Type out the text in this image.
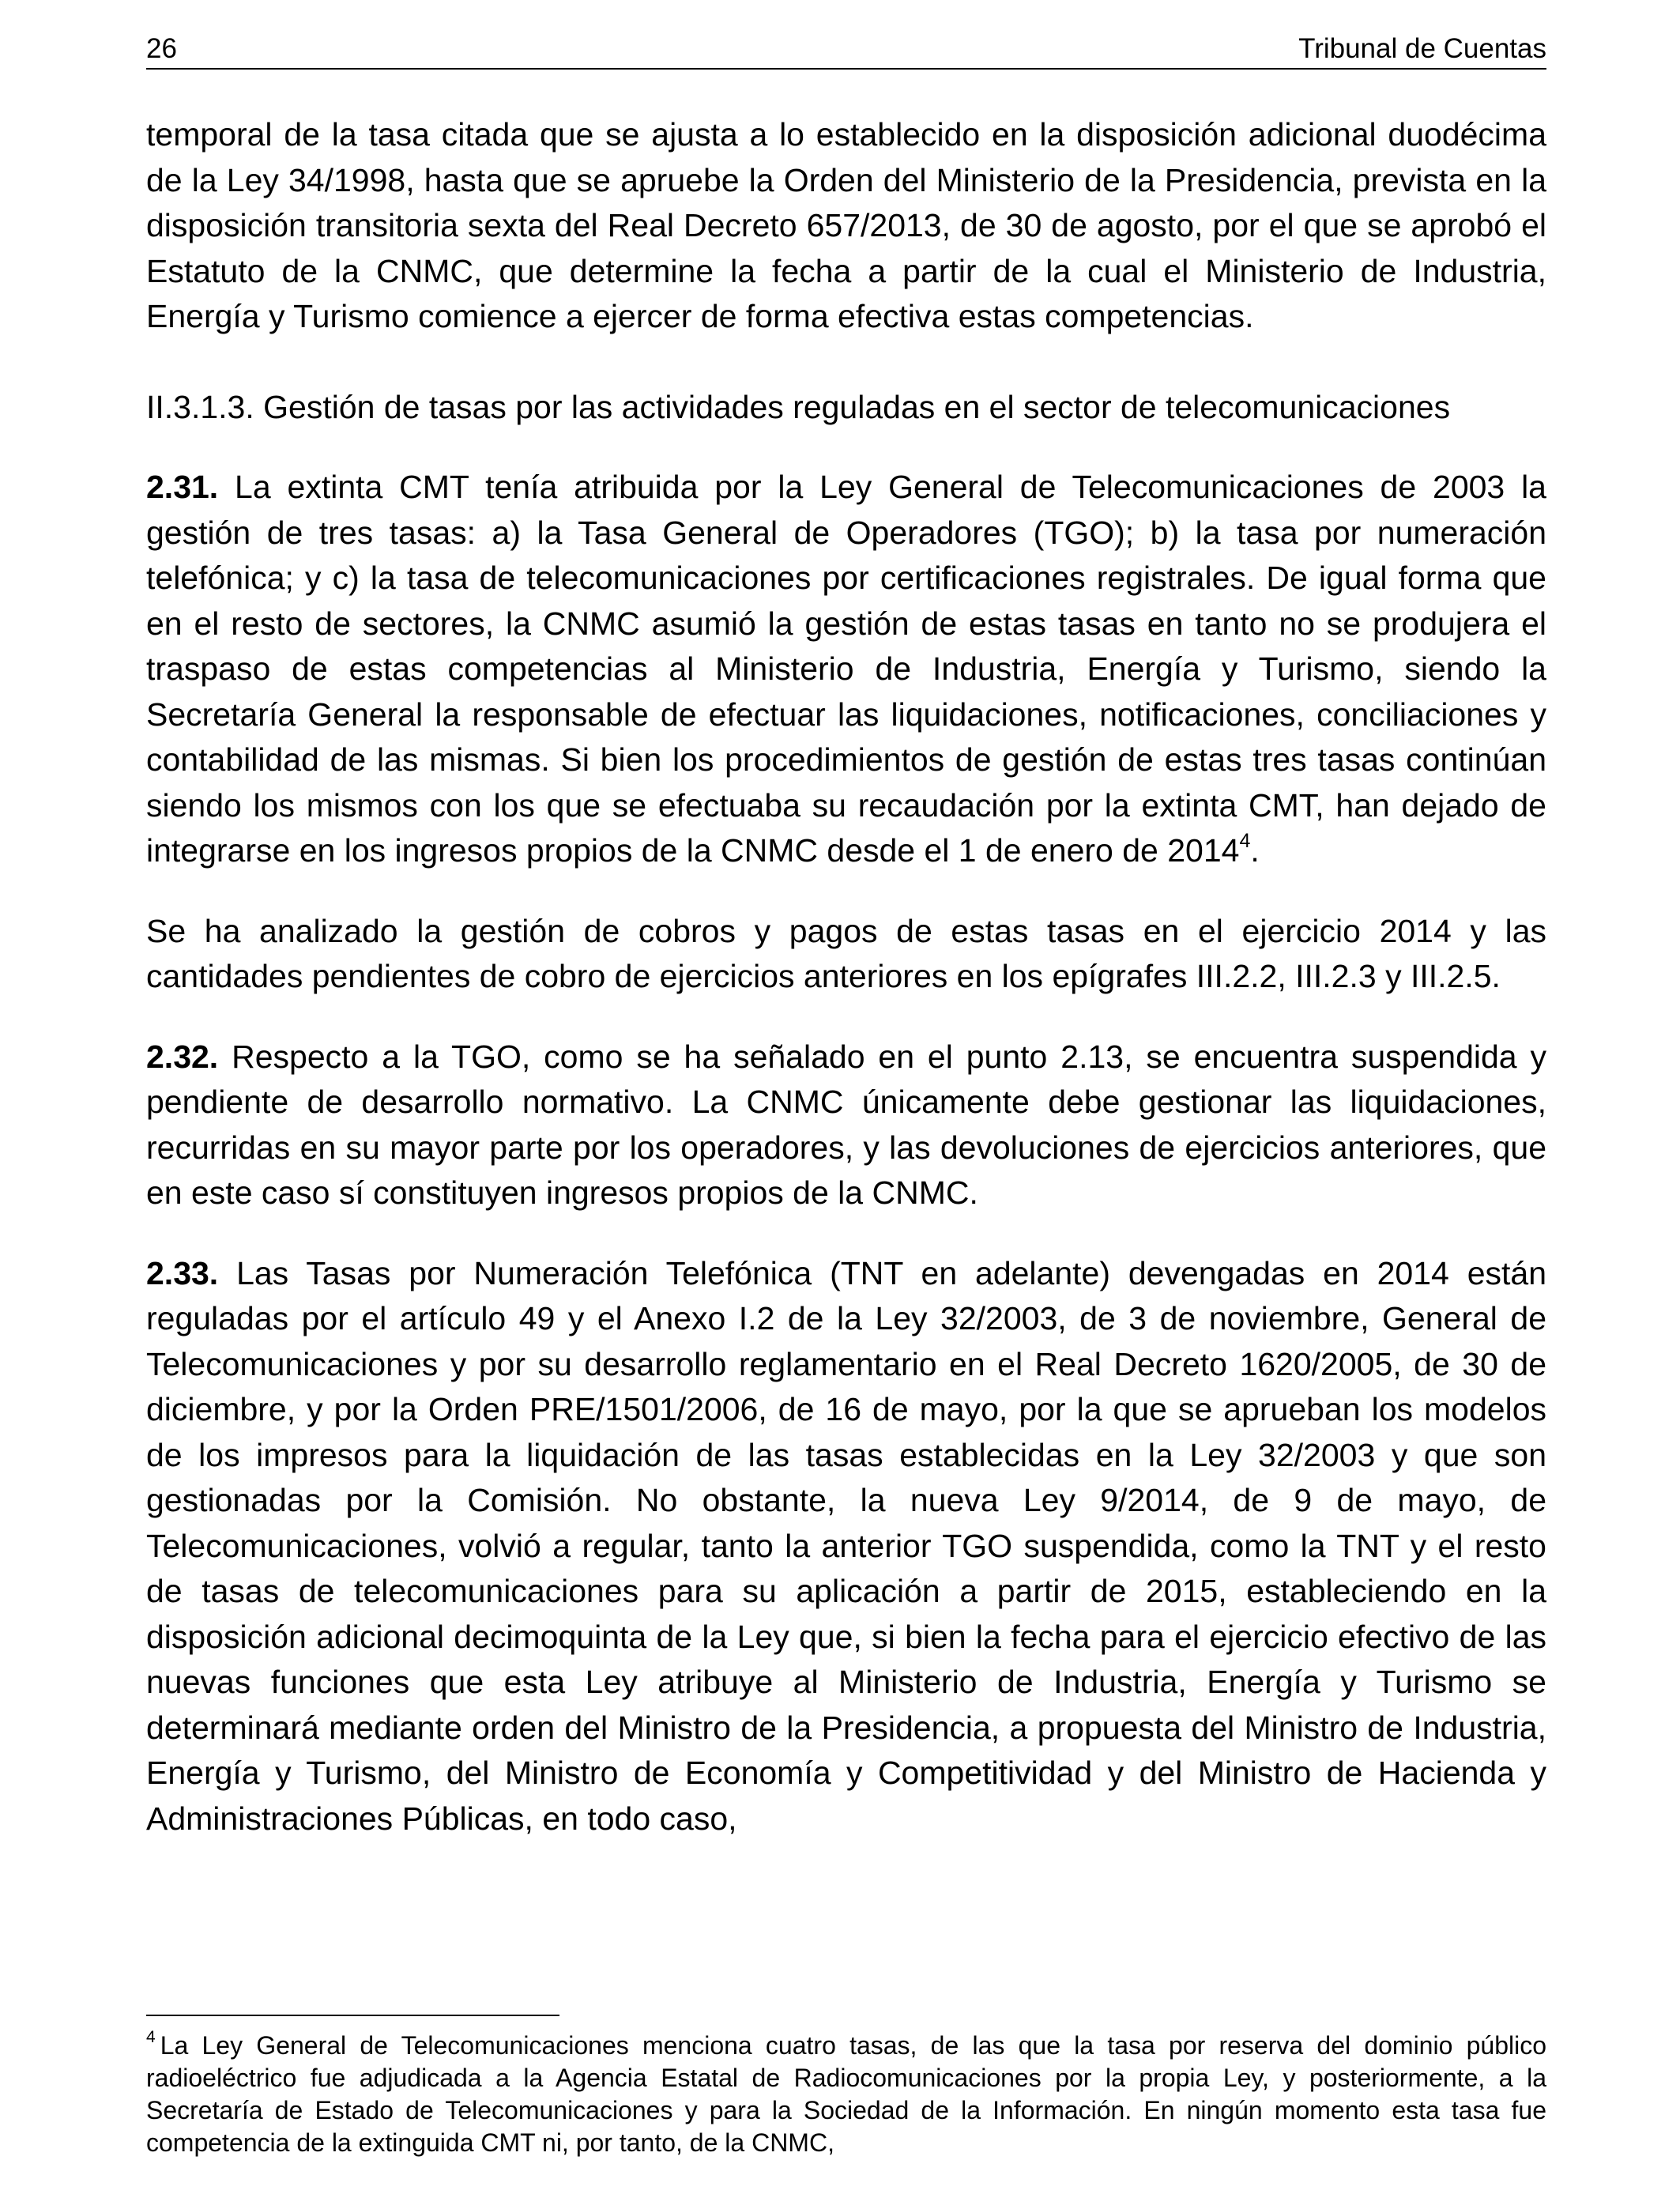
26	Tribunal de Cuentas

temporal de la tasa citada que se ajusta a lo establecido en la disposición adicional duodécima de la Ley 34/1998, hasta que se apruebe la Orden del Ministerio de la Presidencia, prevista en la disposición transitoria sexta del Real Decreto 657/2013, de 30 de agosto, por el que se aprobó el Estatuto de la CNMC, que determine la fecha a partir de la cual el Ministerio de Industria, Energía y Turismo comience a ejercer de forma efectiva estas competencias.

II.3.1.3. Gestión de tasas por las actividades reguladas en el sector de telecomunicaciones

2.31. La extinta CMT tenía atribuida por la Ley General de Telecomunicaciones de 2003 la gestión de tres tasas: a) la Tasa General de Operadores (TGO); b) la tasa por numeración telefónica; y c) la tasa de telecomunicaciones por certificaciones registrales. De igual forma que en el resto de sectores, la CNMC asumió la gestión de estas tasas en tanto no se produjera el traspaso de estas competencias al Ministerio de Industria, Energía y Turismo, siendo la Secretaría General la responsable de efectuar las liquidaciones, notificaciones, conciliaciones y contabilidad de las mismas. Si bien los procedimientos de gestión de estas tres tasas continúan siendo los mismos con los que se efectuaba su recaudación por la extinta CMT, han dejado de integrarse en los ingresos propios de la CNMC desde el 1 de enero de 2014$^4$.

Se ha analizado la gestión de cobros y pagos de estas tasas en el ejercicio 2014 y las cantidades pendientes de cobro de ejercicios anteriores en los epígrafes III.2.2, III.2.3 y III.2.5.

2.32. Respecto a la TGO, como se ha señalado en el punto 2.13, se encuentra suspendida y pendiente de desarrollo normativo. La CNMC únicamente debe gestionar las liquidaciones, recurridas en su mayor parte por los operadores, y las devoluciones de ejercicios anteriores, que en este caso sí constituyen ingresos propios de la CNMC.

2.33. Las Tasas por Numeración Telefónica (TNT en adelante) devengadas en 2014 están reguladas por el artículo 49 y el Anexo I.2 de la Ley 32/2003, de 3 de noviembre, General de Telecomunicaciones y por su desarrollo reglamentario en el Real Decreto 1620/2005, de 30 de diciembre, y por la Orden PRE/1501/2006, de 16 de mayo, por la que se aprueban los modelos de los impresos para la liquidación de las tasas establecidas en la Ley 32/2003 y que son gestionadas por la Comisión. No obstante, la nueva Ley 9/2014, de 9 de mayo, de Telecomunicaciones, volvió a regular, tanto la anterior TGO suspendida, como la TNT y el resto de tasas de telecomunicaciones para su aplicación a partir de 2015, estableciendo en la disposición adicional decimoquinta de la Ley que, si bien la fecha para el ejercicio efectivo de las nuevas funciones que esta Ley atribuye al Ministerio de Industria, Energía y Turismo se determinará mediante orden del Ministro de la Presidencia, a propuesta del Ministro de Industria, Energía y Turismo, del Ministro de Economía y Competitividad y del Ministro de Hacienda y Administraciones Públicas, en todo caso,

$^4$ La Ley General de Telecomunicaciones menciona cuatro tasas, de las que la tasa por reserva del dominio público radioeléctrico fue adjudicada a la Agencia Estatal de Radiocomunicaciones por la propia Ley, y posteriormente, a la Secretaría de Estado de Telecomunicaciones y para la Sociedad de la Información. En ningún momento esta tasa fue competencia de la extinguida CMT ni, por tanto, de la CNMC,
